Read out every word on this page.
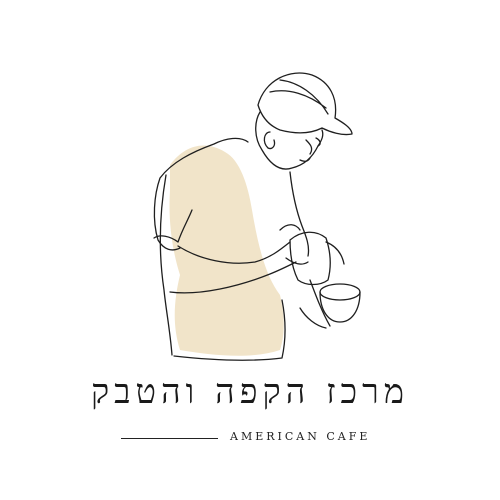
מרכז הקפה והטבק
AMERICAN CAFE
